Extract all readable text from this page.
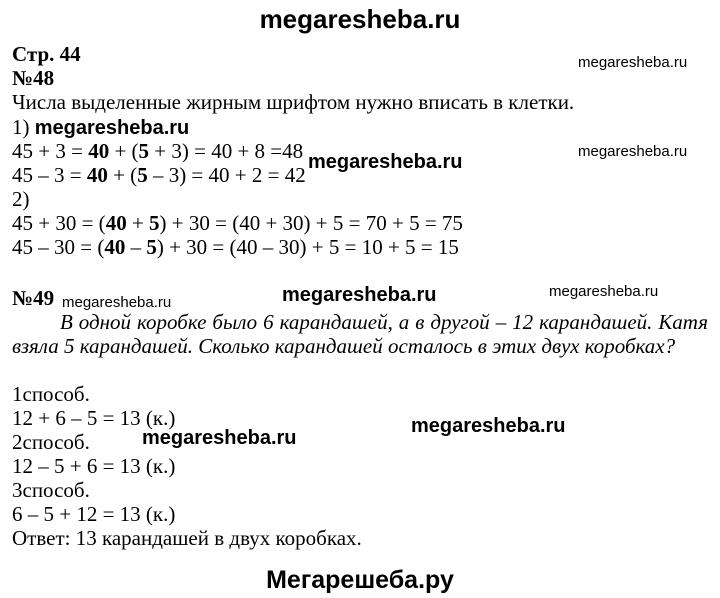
megaresheba.ru
megaresheba.ru
megaresheba.ru
megaresheba.ru
megaresheba.ru	megaresheba.ru	megaresheba.ru
megaresheba.ru
megaresheba.ru
Мегарешеба.ру
Стр. 44
№48
Числа выделенные жирным шрифтом нужно вписать в клетки.
1) megaresheba.ru
45 + 3 = 40 + (5 + 3) = 40 + 8 =48
45 – 3 = 40 + (5 – 3) = 40 + 2 = 42
2)
45 + 30 = (40 + 5) + 30 = (40 + 30) + 5 = 70 + 5 = 75
45 – 30 = (40 – 5) + 30 = (40 – 30) + 5 = 10 + 5 = 15
№49
В одной коробке было 6 карандашей, а в другой – 12 карандашей. Катя взяла 5 карандашей. Сколько карандашей осталось в этих двух коробках?
1способ.
12 + 6 – 5 = 13 (к.)
2способ.
12 – 5 + 6 = 13 (к.)
3способ.
6 – 5 + 12 = 13 (к.)
Ответ: 13 карандашей в двух коробках.
